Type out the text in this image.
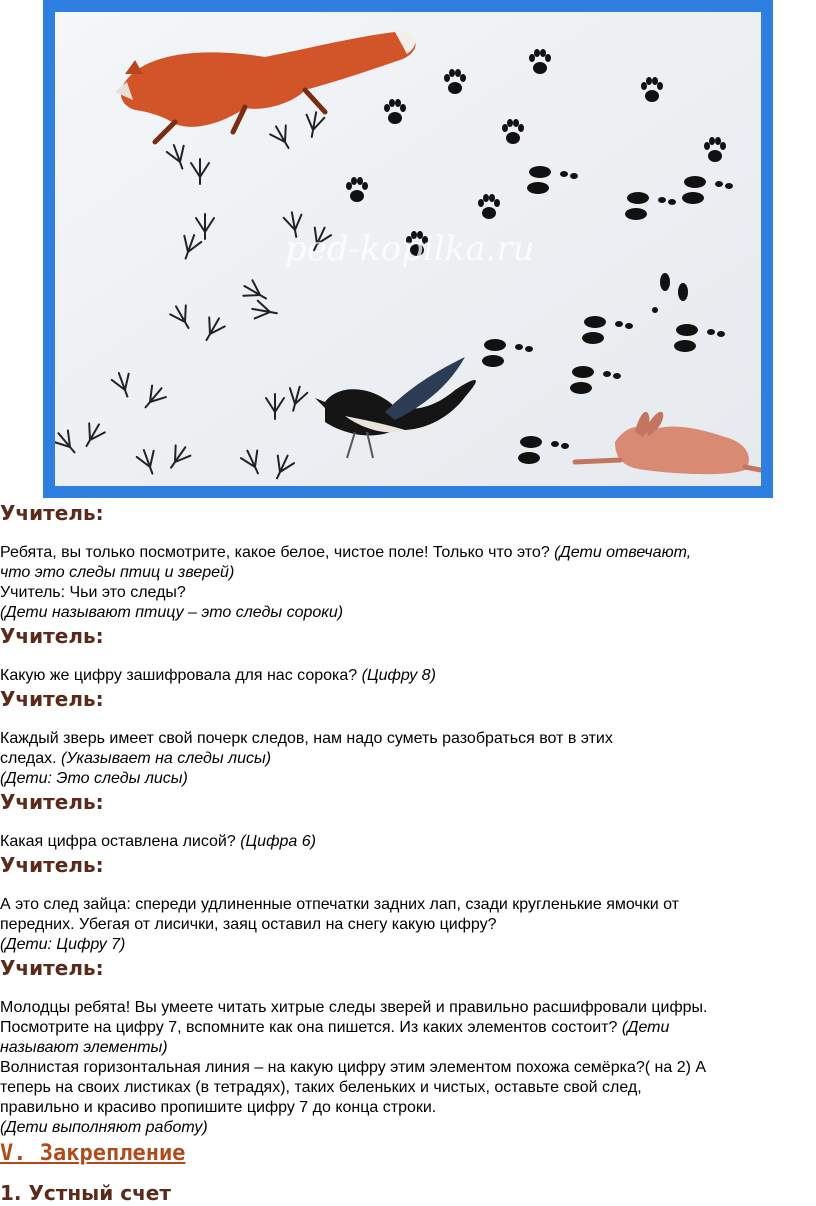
ped-kopilka.ru
Учитель:

Ребята, вы только посмотрите, какое белое, чистое поле! Только что это? (Дети отвечают,

что это следы птиц и зверей)

Учитель: Чьи это следы?

(Дети называют птицу – это следы сороки)

Учитель:

Какую же цифру зашифровала для нас сорока? (Цифру 8)

Учитель:

Каждый зверь имеет свой почерк следов, нам надо суметь разобраться вот в этих

следах. (Указывает на следы лисы)

(Дети: Это следы лисы)

Учитель:

Какая цифра оставлена лисой? (Цифра 6)

Учитель:

А это след зайца: спереди удлиненные отпечатки задних лап, сзади кругленькие ямочки от

передних. Убегая от лисички, заяц оставил на снегу какую цифру?

(Дети: Цифру 7)

Учитель:

Молодцы ребята! Вы умеете читать хитрые следы зверей и правильно расшифровали цифры.

Посмотрите на цифру 7, вспомните как она пишется. Из каких элементов состоит? (Дети

называют элементы)

Волнистая горизонтальная линия – на какую цифру этим элементом похожа семёрка?( на 2) А

теперь на своих листиках (в тетрадях), таких беленьких и чистых, оставьте свой след,

правильно и красиво пропишите цифру 7 до конца строки.

(Дети выполняют работу)

V. Закрепление
1. Устный счет
